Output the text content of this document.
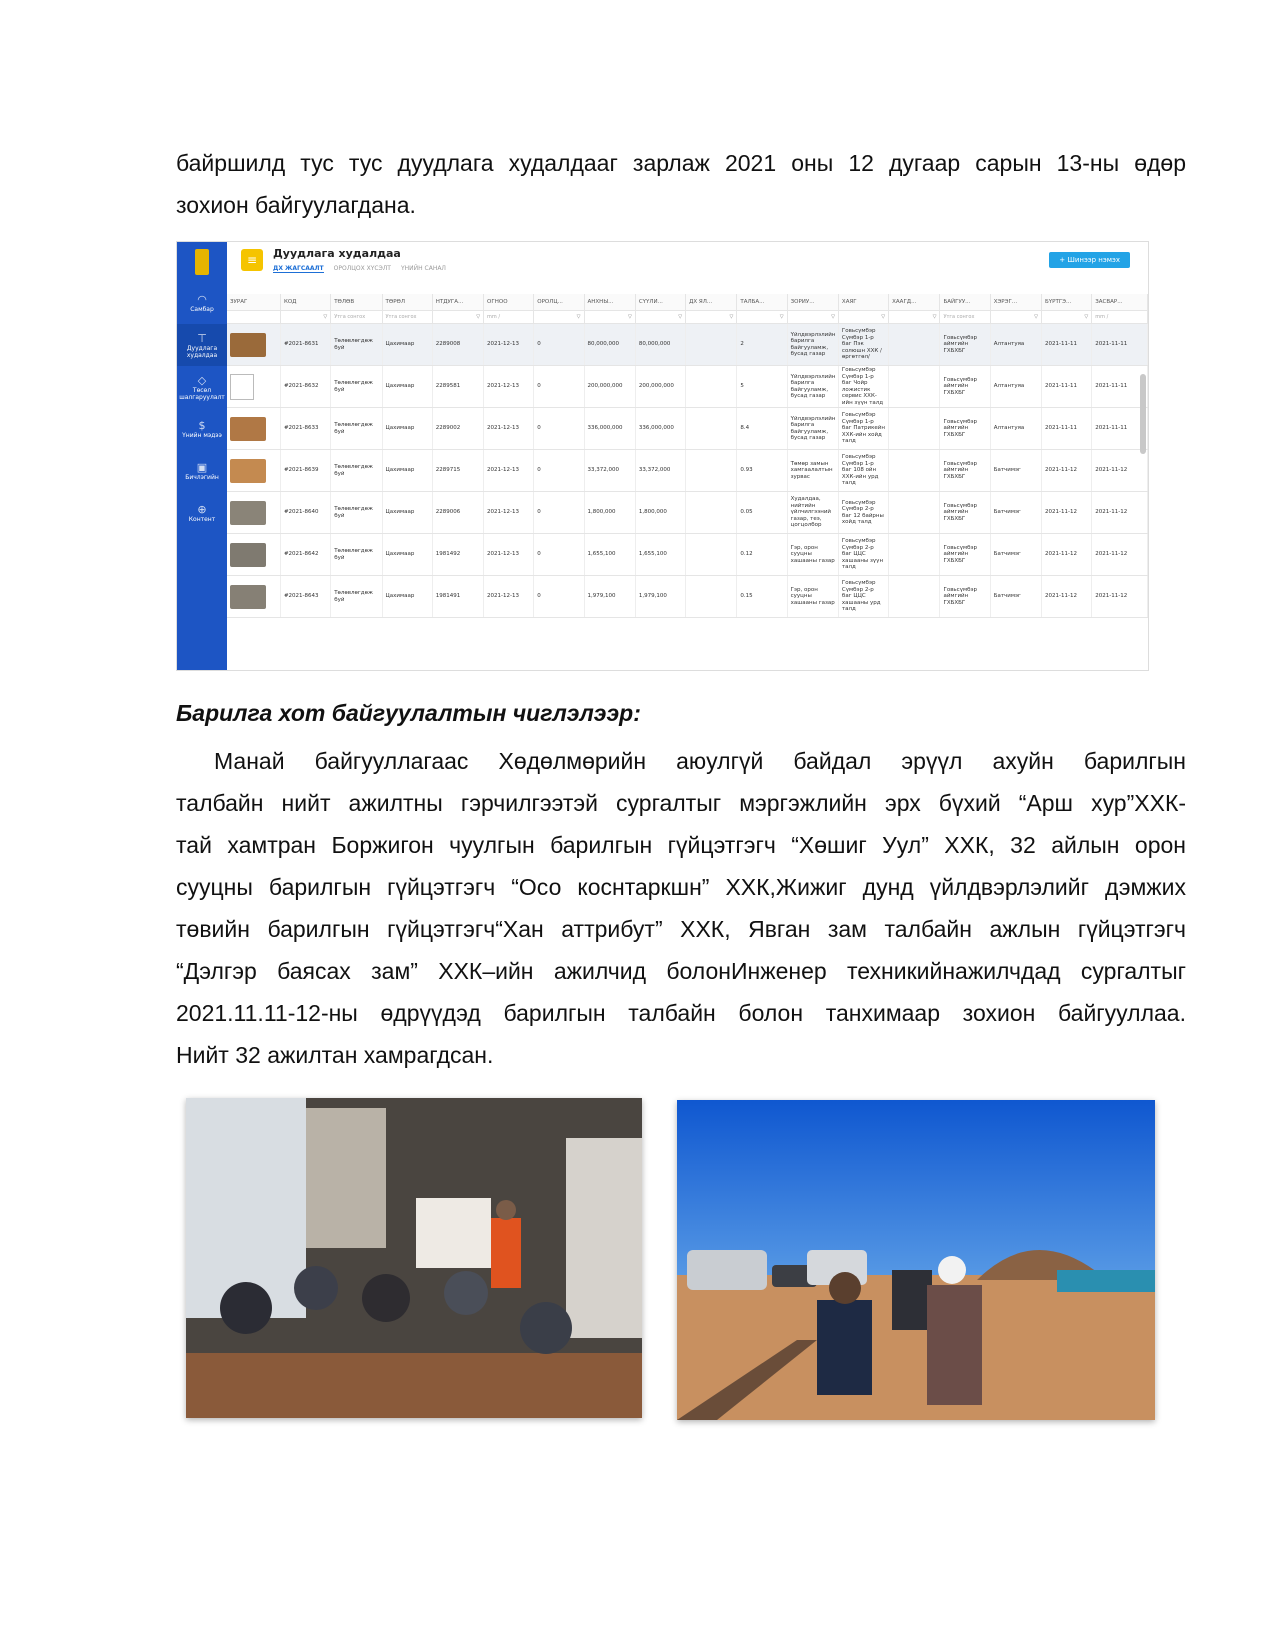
байршилд тус тус дуудлага худалдааг зарлаж 2021 оны 12 дугаар сарын 13-ны өдөр
зохион байгуулагдана.
◠
Самбар
⊤
Дуудлага худалдаа
◇
Төсөл шалгаруулалт
$
Үнийн мэдээ
▣
Бичлэгийн
⊕
Контент
≡	Дуудлага худалдаа
ДХ ЖАГСААЛТ ОРОЛЦОХ ХҮСЭЛТ ҮНИЙН САНАЛ
+ Шинээр нэмэх
ЗУРАГ	КОД	ТӨЛӨВ	ТӨРӨЛ	НТДУГА...	ОГНОО	ОРОЛЦ...	АНХНЫ...	СҮҮЛИ...	ДХ ЯЛ...	ТАЛБА...	ЗОРИУ...	ХАЯГ	ХААГД...	БАЙГУУ...	ХЭРЭГ...	БҮРТГЭ...	ЗАСВАР...

	▽	Утга сонгох	Утга сонгох	▽	mm /	▽	▽	▽	▽	▽	▽	▽	▽	Утга сонгох	▽	▽	mm /

	#2021-8631	Төлөвлөгдөж буй	Цахимаар	2289008	2021-12-13	0	80,000,000	80,000,000		2	Үйлдвэрлэлийн барилга байгууламж, бусад газар	Говьсүмбэр Сүмбэр 1-р баг Пэк солюшн ХХК /өргөтгөл/		Говьсүмбэр аймгийн ГХБХБГ	Алтантуяа	2021-11-11	2021-11-11

	#2021-8632	Төлөвлөгдөж буй	Цахимаар	2289581	2021-12-13	0	200,000,000	200,000,000		5	Үйлдвэрлэлийн барилга байгууламж, бусад газар	Говьсүмбэр Сүмбэр 1-р баг Чойр ложистик сервис ХХК-ийн зүүн талд		Говьсүмбэр аймгийн ГХБХБГ	Алтантуяа	2021-11-11	2021-11-11

	#2021-8633	Төлөвлөгдөж буй	Цахимаар	2289002	2021-12-13	0	336,000,000	336,000,000		8.4	Үйлдвэрлэлийн барилга байгууламж, бусад газар	Говьсүмбэр Сүмбэр 1-р баг Патрикейн ХХК-ийн хойд талд		Говьсүмбэр аймгийн ГХБХБГ	Алтантуяа	2021-11-11	2021-11-11

	#2021-8639	Төлөвлөгдөж буй	Цахимаар	2289715	2021-12-13	0	33,372,000	33,372,000		0.93	Төмөр замын хамгаалалтын зурвас	Говьсүмбэр Сүмбэр 1-р баг 108 ойн ХХК-ийн урд талд		Говьсүмбэр аймгийн ГХБХБГ	Батчимэг	2021-11-12	2021-11-12

	#2021-8640	Төлөвлөгдөж буй	Цахимаар	2289006	2021-12-13	0	1,800,000	1,800,000		0.05	Худалдаа, нийтийн үйлчилгээний газар, теэ, цогцолбор	Говьсүмбэр Сүмбэр 2-р баг 12 байрны хойд талд		Говьсүмбэр аймгийн ГХБХБГ	Батчимэг	2021-11-12	2021-11-12

	#2021-8642	Төлөвлөгдөж буй	Цахимаар	1981492	2021-12-13	0	1,655,100	1,655,100		0.12	Гэр, орон сууцны хашааны газар	Говьсүмбэр Сүмбэр 2-р баг ЦЦС хашааны зүүн талд		Говьсүмбэр аймгийн ГХБХБГ	Батчимэг	2021-11-12	2021-11-12

	#2021-8643	Төлөвлөгдөж буй	Цахимаар	1981491	2021-12-13	0	1,979,100	1,979,100		0.15	Гэр, орон сууцны хашааны газар	Говьсүмбэр Сүмбэр 2-р баг ЦЦС хашааны урд талд		Говьсүмбэр аймгийн ГХБХБГ	Батчимэг	2021-11-12	2021-11-12
Барилга хот байгуулалтын чиглэлээр:
Манай байгууллагаас Хөдөлмөрийн аюулгүй байдал эрүүл ахуйн барилгын
талбайн нийт ажилтны гэрчилгээтэй сургалтыг мэргэжлийн эрх бүхий “Арш хур”ХХК-
тай хамтран Боржигон чуулгын барилгын гүйцэтгэгч “Хөшиг Уул” ХХК, 32 айлын орон
сууцны барилгын гүйцэтгэгч “Осо коснтаркшн” ХХК,Жижиг дунд үйлдвэрлэлийг дэмжих
төвийн барилгын гүйцэтгэгч“Хан аттрибут” ХХК, Явган зам талбайн ажлын гүйцэтгэгч
“Дэлгэр баясах зам” ХХК–ийн ажилчид болонИнженер техникийнажилчдад сургалтыг
2021.11.11-12-ны өдрүүдэд барилгын талбайн болон танхимаар зохион байгууллаа.
Нийт 32 ажилтан хамрагдсан.
